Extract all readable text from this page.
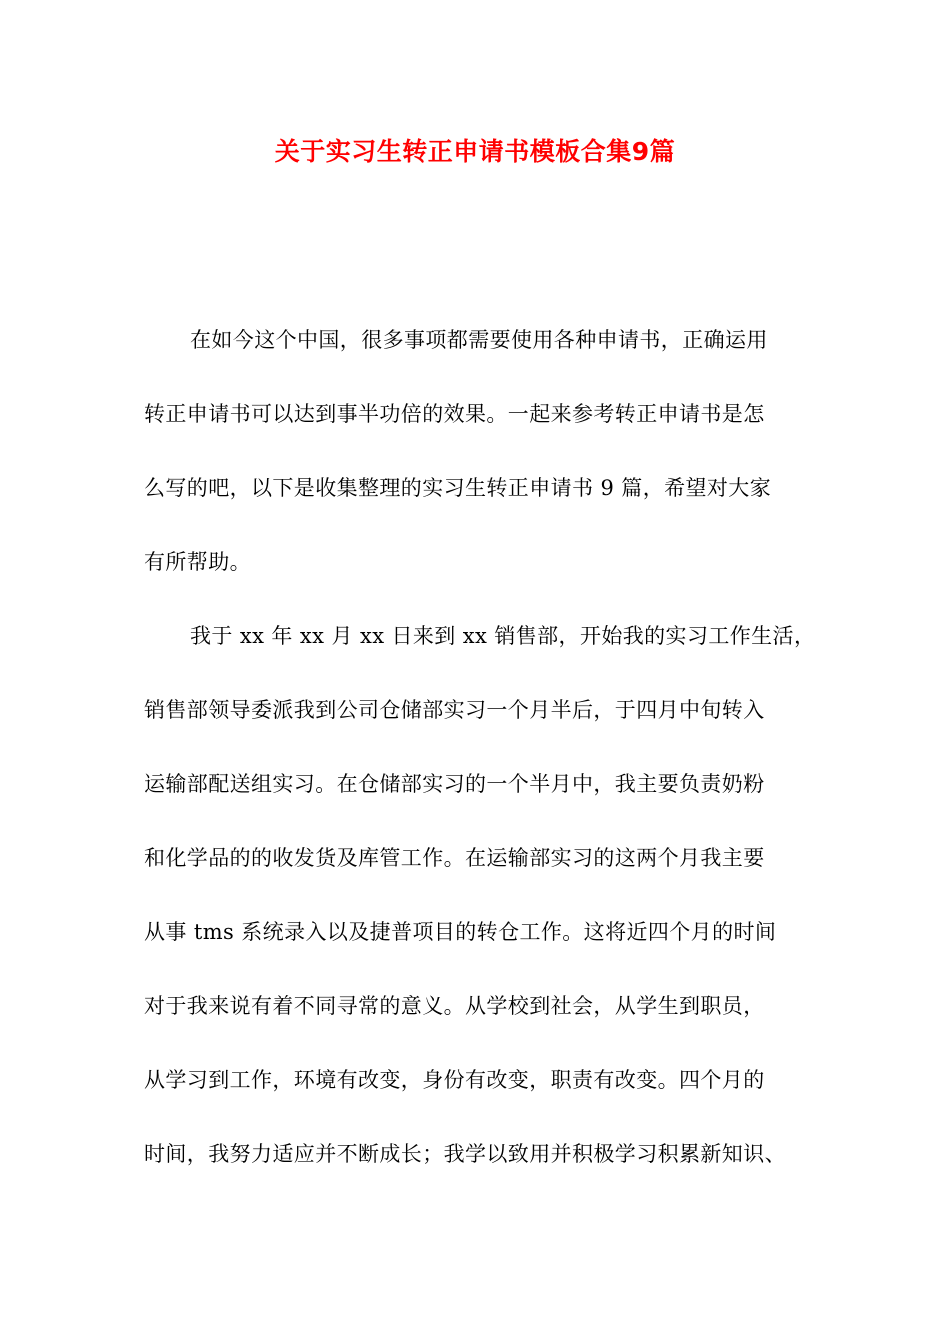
关于实习生转正申请书模板合集9篇
在如今这个中国，很多事项都需要使用各种申请书，正确运用
转正申请书可以达到事半功倍的效果。一起来参考转正申请书是怎
么写的吧，以下是收集整理的实习生转正申请书 9 篇，希望对大家
有所帮助。
我于 xx 年 xx 月 xx 日来到 xx 销售部，开始我的实习工作生活，
销售部领导委派我到公司仓储部实习一个月半后，于四月中旬转入
运输部配送组实习。在仓储部实习的一个半月中，我主要负责奶粉
和化学品的的收发货及库管工作。在运输部实习的这两个月我主要
从事 tms 系统录入以及捷普项目的转仓工作。这将近四个月的时间
对于我来说有着不同寻常的意义。从学校到社会，从学生到职员，
从学习到工作，环境有改变，身份有改变，职责有改变。四个月的
时间，我努力适应并不断成长；我学以致用并积极学习积累新知识、
